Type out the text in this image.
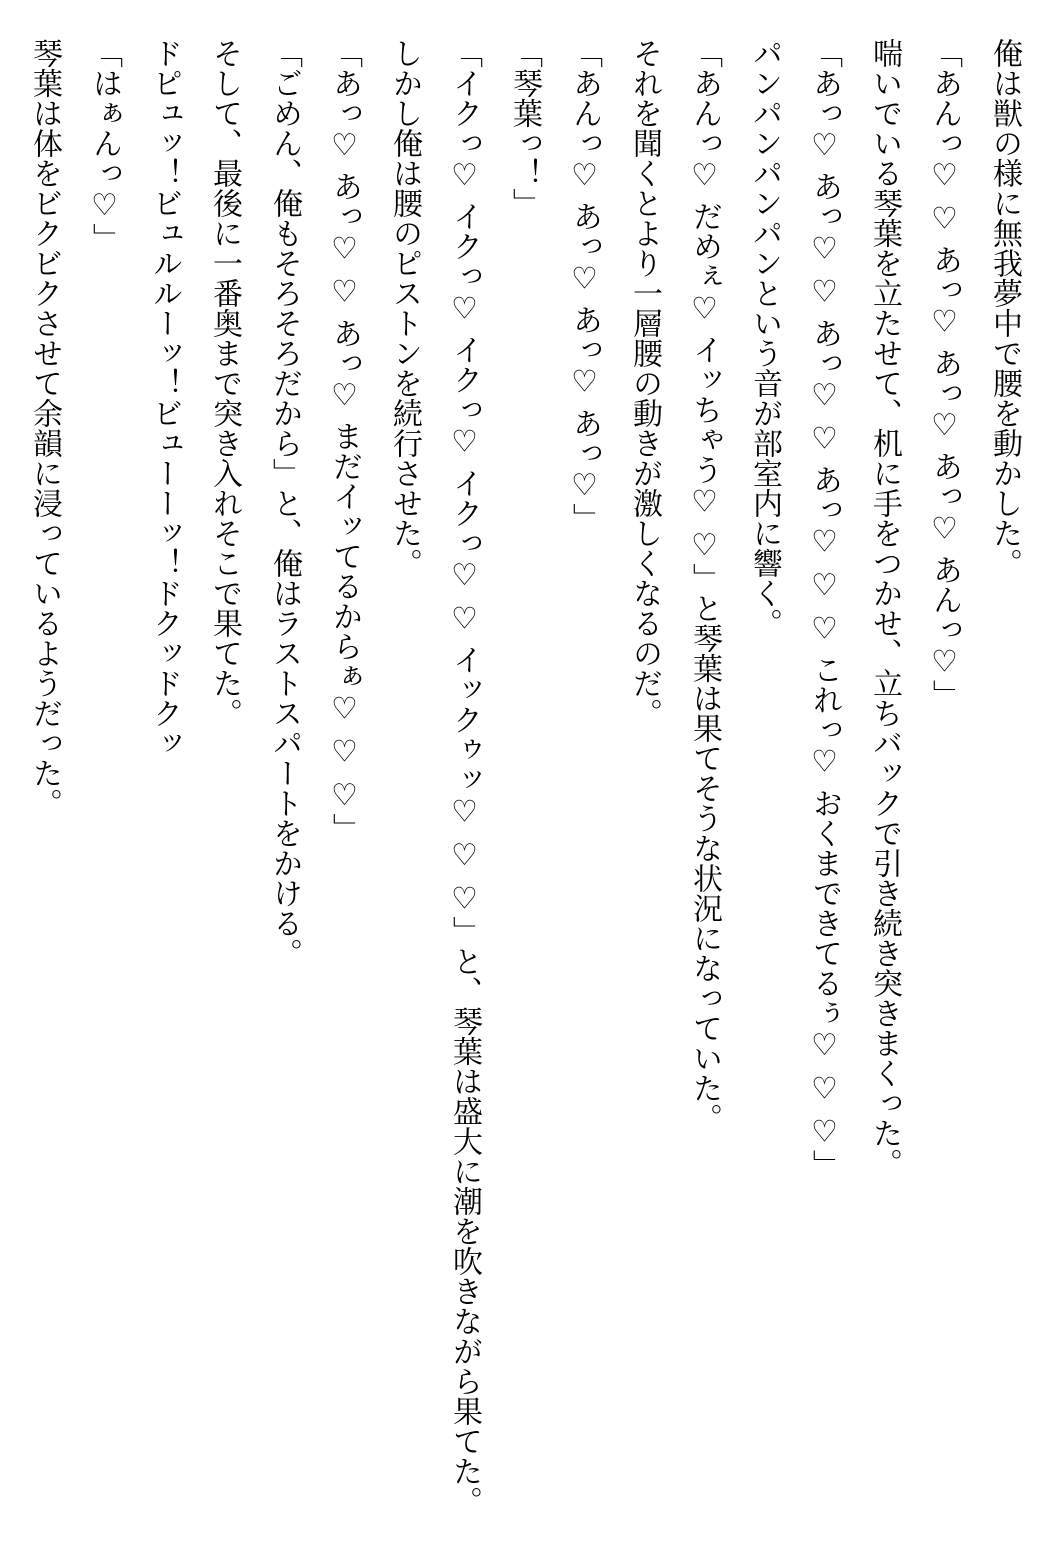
俺は獣の様に無我夢中で腰を動かした。

「あんっ♡ ♡ あっ♡ あっ♡ あっ♡ あんっ♡」

喘いでいる琴葉を立たせて、机に手をつかせ、立ちバックで引き続き突きまくった。

「あっ♡ あっ♡ ♡ あっ♡ ♡ あっ♡ ♡ ♡ これっ♡ おくまできてるぅ♡ ♡ ♡」

パンパンパンパンという音が部室内に響く。

「あんっ♡ だめぇ♡ イッちゃう♡ ♡」と琴葉は果てそうな状況になっていた。

それを聞くとより一層腰の動きが激しくなるのだ。

「あんっ♡ あっ♡ あっ♡ あっ♡」

「琴葉っ！」

「イクっ♡ イクっ♡ イクっ♡ イクっ♡ ♡ イックゥッ♡ ♡ ♡」と、琴葉は盛大に潮を吹きながら果てた。

しかし俺は腰のピストンを続行させた。

「あっ♡ あっ♡ ♡ あっ♡ まだイッてるからぁ♡ ♡ ♡」

「ごめん、俺もそろそろだから」と、俺はラストスパートをかける。

そして、最後に一番奥まで突き入れそこで果てた。

ドピュッ！ビュルルーッ！ビューーッ！ドクッドクッ

「はぁんっ♡」

琴葉は体をビクビクさせて余韻に浸っているようだった。
